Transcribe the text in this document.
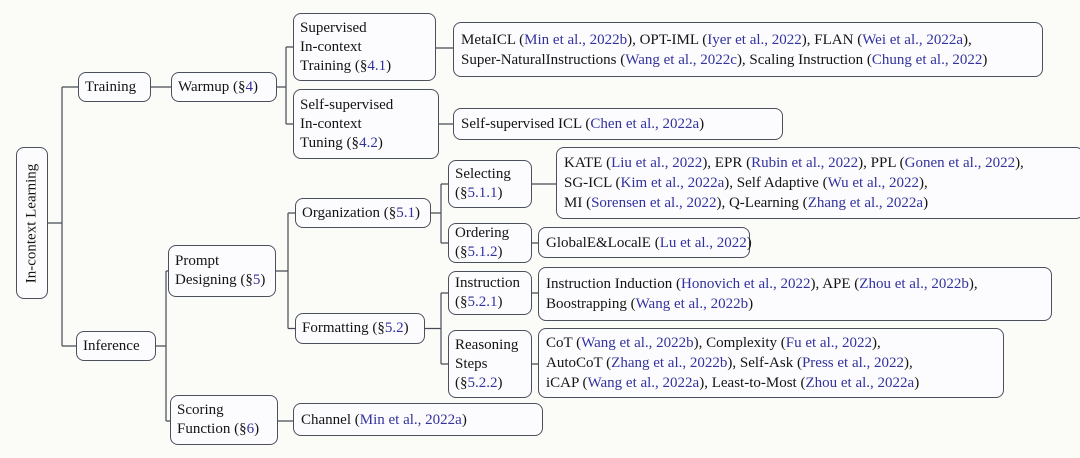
In-context Learning
Training
Inference
Warmup (§4)
Supervised
In-context
Training (§4.1)
Self-supervised
In-context
Tuning (§4.2)
MetaICL (Min et al., 2022b), OPT-IML (Iyer et al., 2022), FLAN (Wei et al., 2022a),
Super-NaturalInstructions (Wang et al., 2022c), Scaling Instruction (Chung et al., 2022)
Self-supervised ICL (Chen et al., 2022a)
Prompt
Designing (§5)
Organization (§5.1)
Selecting
(§5.1.1)
KATE (Liu et al., 2022), EPR (Rubin et al., 2022), PPL (Gonen et al., 2022),
SG-ICL (Kim et al., 2022a), Self Adaptive (Wu et al., 2022),
MI (Sorensen et al., 2022), Q-Learning (Zhang et al., 2022a)
Ordering
(§5.1.2)
GlobalE&LocalE (Lu et al., 2022)
Formatting (§5.2)
Instruction
(§5.2.1)
Instruction Induction (Honovich et al., 2022), APE (Zhou et al., 2022b),
Boostrapping (Wang et al., 2022b)
Reasoning
Steps
(§5.2.2)
CoT (Wang et al., 2022b), Complexity (Fu et al., 2022),
AutoCoT (Zhang et al., 2022b), Self-Ask (Press et al., 2022),
iCAP (Wang et al., 2022a), Least-to-Most (Zhou et al., 2022a)
Scoring
Function (§6)
Channel (Min et al., 2022a)
